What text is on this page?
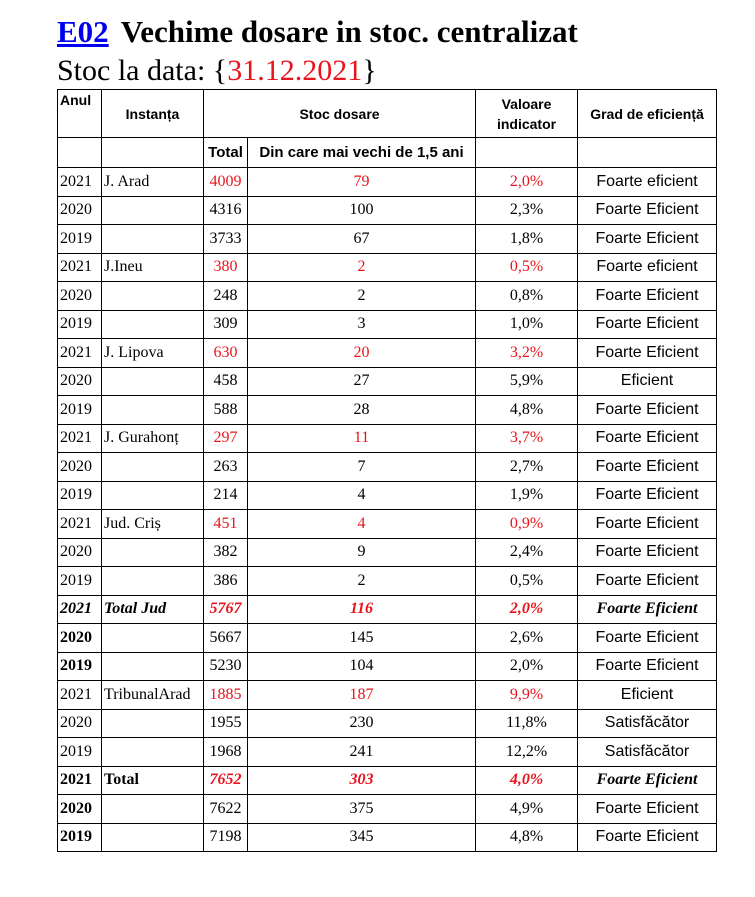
E02 Vechime dosare in stoc. centralizat
Stoc la data: {31.12.2021}
Anul	Instanța	Stoc dosare		Valoare indicator	Grad de eficiență
		Total	Din care mai vechi de 1,5 ani		
2021	J. Arad	4009	79	2,0%	Foarte eficient
2020		4316	100	2,3%	Foarte Eficient
2019		3733	67	1,8%	Foarte Eficient
2021	J.Ineu	380	2	0,5%	Foarte eficient
2020		248	2	0,8%	Foarte Eficient
2019		309	3	1,0%	Foarte Eficient
2021	J. Lipova	630	20	3,2%	Foarte Eficient
2020		458	27	5,9%	Eficient
2019		588	28	4,8%	Foarte Eficient
2021	J. Gurahonț	297	11	3,7%	Foarte Eficient
2020		263	7	2,7%	Foarte Eficient
2019		214	4	1,9%	Foarte Eficient
2021	Jud. Criș	451	4	0,9%	Foarte Eficient
2020		382	9	2,4%	Foarte Eficient
2019		386	2	0,5%	Foarte Eficient
2021	Total Jud	5767	116	2,0%	Foarte Eficient
2020		5667	145	2,6%	Foarte Eficient
2019		5230	104	2,0%	Foarte Eficient
2021	TribunalArad	1885	187	9,9%	Eficient
2020		1955	230	11,8%	Satisfăcător
2019		1968	241	12,2%	Satisfăcător
2021	Total	7652	303	4,0%	Foarte Eficient
2020		7622	375	4,9%	Foarte Eficient
2019		7198	345	4,8%	Foarte Eficient
